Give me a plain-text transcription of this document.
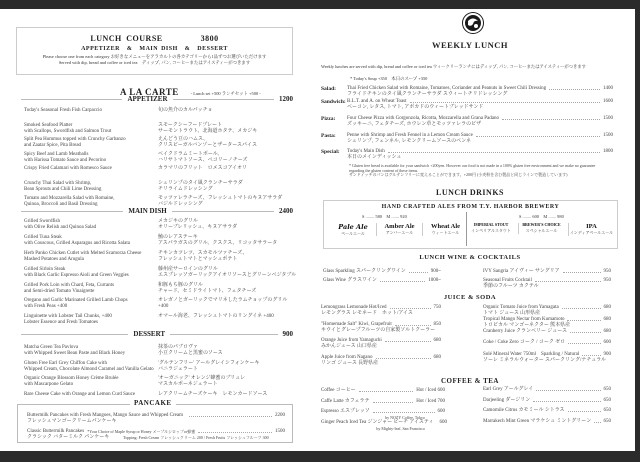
LUNCH COURSE	3800
APPETIZER & MAIN DISH & DESSERT
Please choose one from each category お好きなメニューをアラカルトの各カテゴリーから1品ずつお選びいただけます
Served with dip, bread and coffee or iced tea　ディップ, パン, コーヒーまたはアイスティーがつきます
A LA CARTE	- Lunch set +500 ランチセット +500 -
APPETIZER	1200
Today's Seasonal Fresh Fish Carpaccio	旬の魚介のカルパッチョ
Smoked Seafood Platter
with Scallops, Swordfish and Salmon Trout
スモークシーフードプレート
サーモントラウト、北海道ホタテ、メカジキ
Split Pea Hummus topped with Crunchy Garbanzo
and Zaatar Spice, Pita Bread
えんどう豆のハムス、
クリスピーガルバンゾーとザータースパイス
Spicy Beef and Lamb Meatballs
with Harissa Tomato Sauce and Pecorino
ベイクドラムミートボール、
ハリサトマトソース、ペコリーノチーズ
Crispy Fried Calamari with Romesco Sauce	カラマリのフリット　ロメスコアイオリ
Crunchy Thai Salad with Shrimp,
Bean Sprouts and Chili Lime Dressing
シュリンプのタイ風クランチーサラダ
チリライムドレッシング
Tomato and Mozzarella Salad with Romaine,
Quinoa, Broccoli and Basil Dressing
モッツァレラチーズ、フレッシュトマトのキヌアサラダ
バジルドレッシング
MAIN DISH	2400
Grilled Swordfish
with Olive Relish and Quinoa Salad
メカジキのグリル
オリーブレリッシュ、キヌアサラダ
Grilled Tuna Steak
with Couscous, Grilled Asparagus and Ricotta Salata
鮪のレアステーキ
アスパラガスのグリル、クスクス、リコッタサラータ
Herb Panko Chicken Cutlet with Melted Scamorza Cheese
Mashed Potatoes and Arugula
チキンカツレツ、スカモルツァチーズ、
フレッシュトマトとマッシュポテト
Grilled Sirloin Steak
with Black Garlic Espresso Aioli and Green Veggies
藤州産サーロインのグリル
エスプレッソガーリックアイオリソースとグリーンベジタブル
Grilled Pork Loin with Chard, Feta, Currants
and Semi-dried Tomato Vinaigrette
和豚もち豚のグリル
チャード、セミドライトマト、フェタチーズ
Oregano and Garlic Marinated Grilled Lamb Chops
with Fresh Peas +400
オレガノとガーリックでマリネしたラムチョップのグリル
+400
Linguinette with Lobster Tail Chunks, +400
Lobster Essence and Fresh Tomatoes
オマール海老、フレッシュトマトのリングイネ +400
DESSERT	900
Matcha Green Tea Pavlova
with Whipped Sweet Bean Paste and Black Honey
抹茶のパブロヴァ
小豆クリームと黒蜜のソース
Gluten Free Earl Grey Chiffon Cake with
Whipped Cream, Chocolate Almond Caramel and Vanilla Gelato
'グルテンフリー' アールグレイシフォンケーキ
バニラジェラート
Organic Orange Blossom Honey Crème Brulée
with Mascarpone Gelato
'オーガニック' オレンジ蜂蜜のブリュレ
マスカルポーネジェラート
Rare Cheese Cake with Orange and Lemon Curd Sauce	レアクリームチーズケーキ　レモンカードソース
PANCAKE
Buttermilk Pancakes with Fresh Mangoes, Mango Sauce and Whipped Cream	2200
フレッシュマンゴークリームパンケーキ
Classic Buttermilk Pancakes *Your Choice of Maple Syrup or Honey メープルシロップor蜂蜜	1500
クラシック バターミルク パンケーキ	Topping: Fresh Cream フレッシュクリーム 200 / Fresh Fruits フレッシュフルーツ 300
WEEKLY LUNCH
Weekly lunches are served with dip, bread and coffee or iced tea ウィークリーランチにはディップ, パン, コーヒーまたはアイスティーがつきます
* Today's Soup +350　本日のスープ +350
Salad: Thai Fried Chicken Salad with Romaine, Tomatoes, Coriander and Peanuts in Sweet Chili Dressing	1400
フライドチキンのタイ風クランチーサラダ スウィートチリドレッシング
Sandwich: B.L.T. and A. on Wheat Toast	1600
ベーコン, レタス, トマト, アボカドのウィートブレッドサンド
Pizza: Four Cheese Pizza with Gorgonzola, Ricotta, Mozzarella and Grana Padano	1500
ズッキーニ, フェタチーズ, ホウレン草とモッツァレラのピザ
Pasta: Penne with Shrimp and Fresh Fennel in a Lemon Cream Sauce	1500
シュリンプ, フェンネル, レモンクリームソースのペンネ
Special: Today's Main Dish	1800
本日のメインディッシュ
* Gluten free bread is available for your sandwich +200yen. However our food is not made in a 100% gluten free environment and we make no guarantee regarding the gluten content of these items.
サンドイッチのパンはグルテンフリーに変えることができます。+200円 (小麦粉を含む製品と同じラインで製造しています)
LUNCH DRINKS
HAND CRAFTED ALES FROM T.Y. HARBOR BREWERY
S ........ 580　M ....... 920	S ........ 600　M ....... 980
Pale Ale
ペールエール
Amber Ale
アンバーエール
Wheat Ale
ウィートエール
IMPERIAL STOUT
インペリアルスタウト
BREWER'S CHOICE
スペシャルエール	IPA
インディアペールエール
LUNCH WINE & COCKTAILS
Glass Sparkling スパークリングワイン	900~
Glass Wine グラスワイン	1000~
IVY Sangria アイヴィー サングリア	950
Seasonal Fruits Cocktail	950
季節のフルーツ カクテル
JUICE & SODA
Lemongrass Lemonade Hot/Iced	750
レモングラス レモネード　ホット/アイス
"Homemade Salt" Kiwi, Grapefruit	850
キウイとグレープフルーツの自家製ソルトクーラー
Orange Juice from Yamaguchi	680
みかんジュース 山口県産
Apple Juice from Nagano	680
リンゴ ジュース 長野県産
Organic Tomato Juice from Yamagata	680
トマト ジュース 山形県産
Tropical Mango Nectar from Kumamoto	680
トロピカル マンゴーネクター 熊本県産
Cranberry Juice クランベリー ジュース	680
Coke / Coke Zero コーク / コーク ゼロ	600
Solé Mineral Water 750ml　Sparkling / Natural	900
ソーレ ミネラルウォーター スパークリング/ナチュラル
COFFEE & TEA
Coffee コーヒー	Hot / Iced 600
Caffe Latte カフェラテ	Hot / Iced 700
Espresso エスプレッソ	600
by NOZY Coffee, Tokyo
Ginger Peach Iced Tea ジンジャー ピーチ アイスティ 600
by Mighty-leaf, San Francisco
Earl Grey アールグレイ	650
Darjeeling ダージリン	650
Camomile Citrus カモミール シトラス	650
Marrakech Mint Green マラケシュ ミントグリーン 650
